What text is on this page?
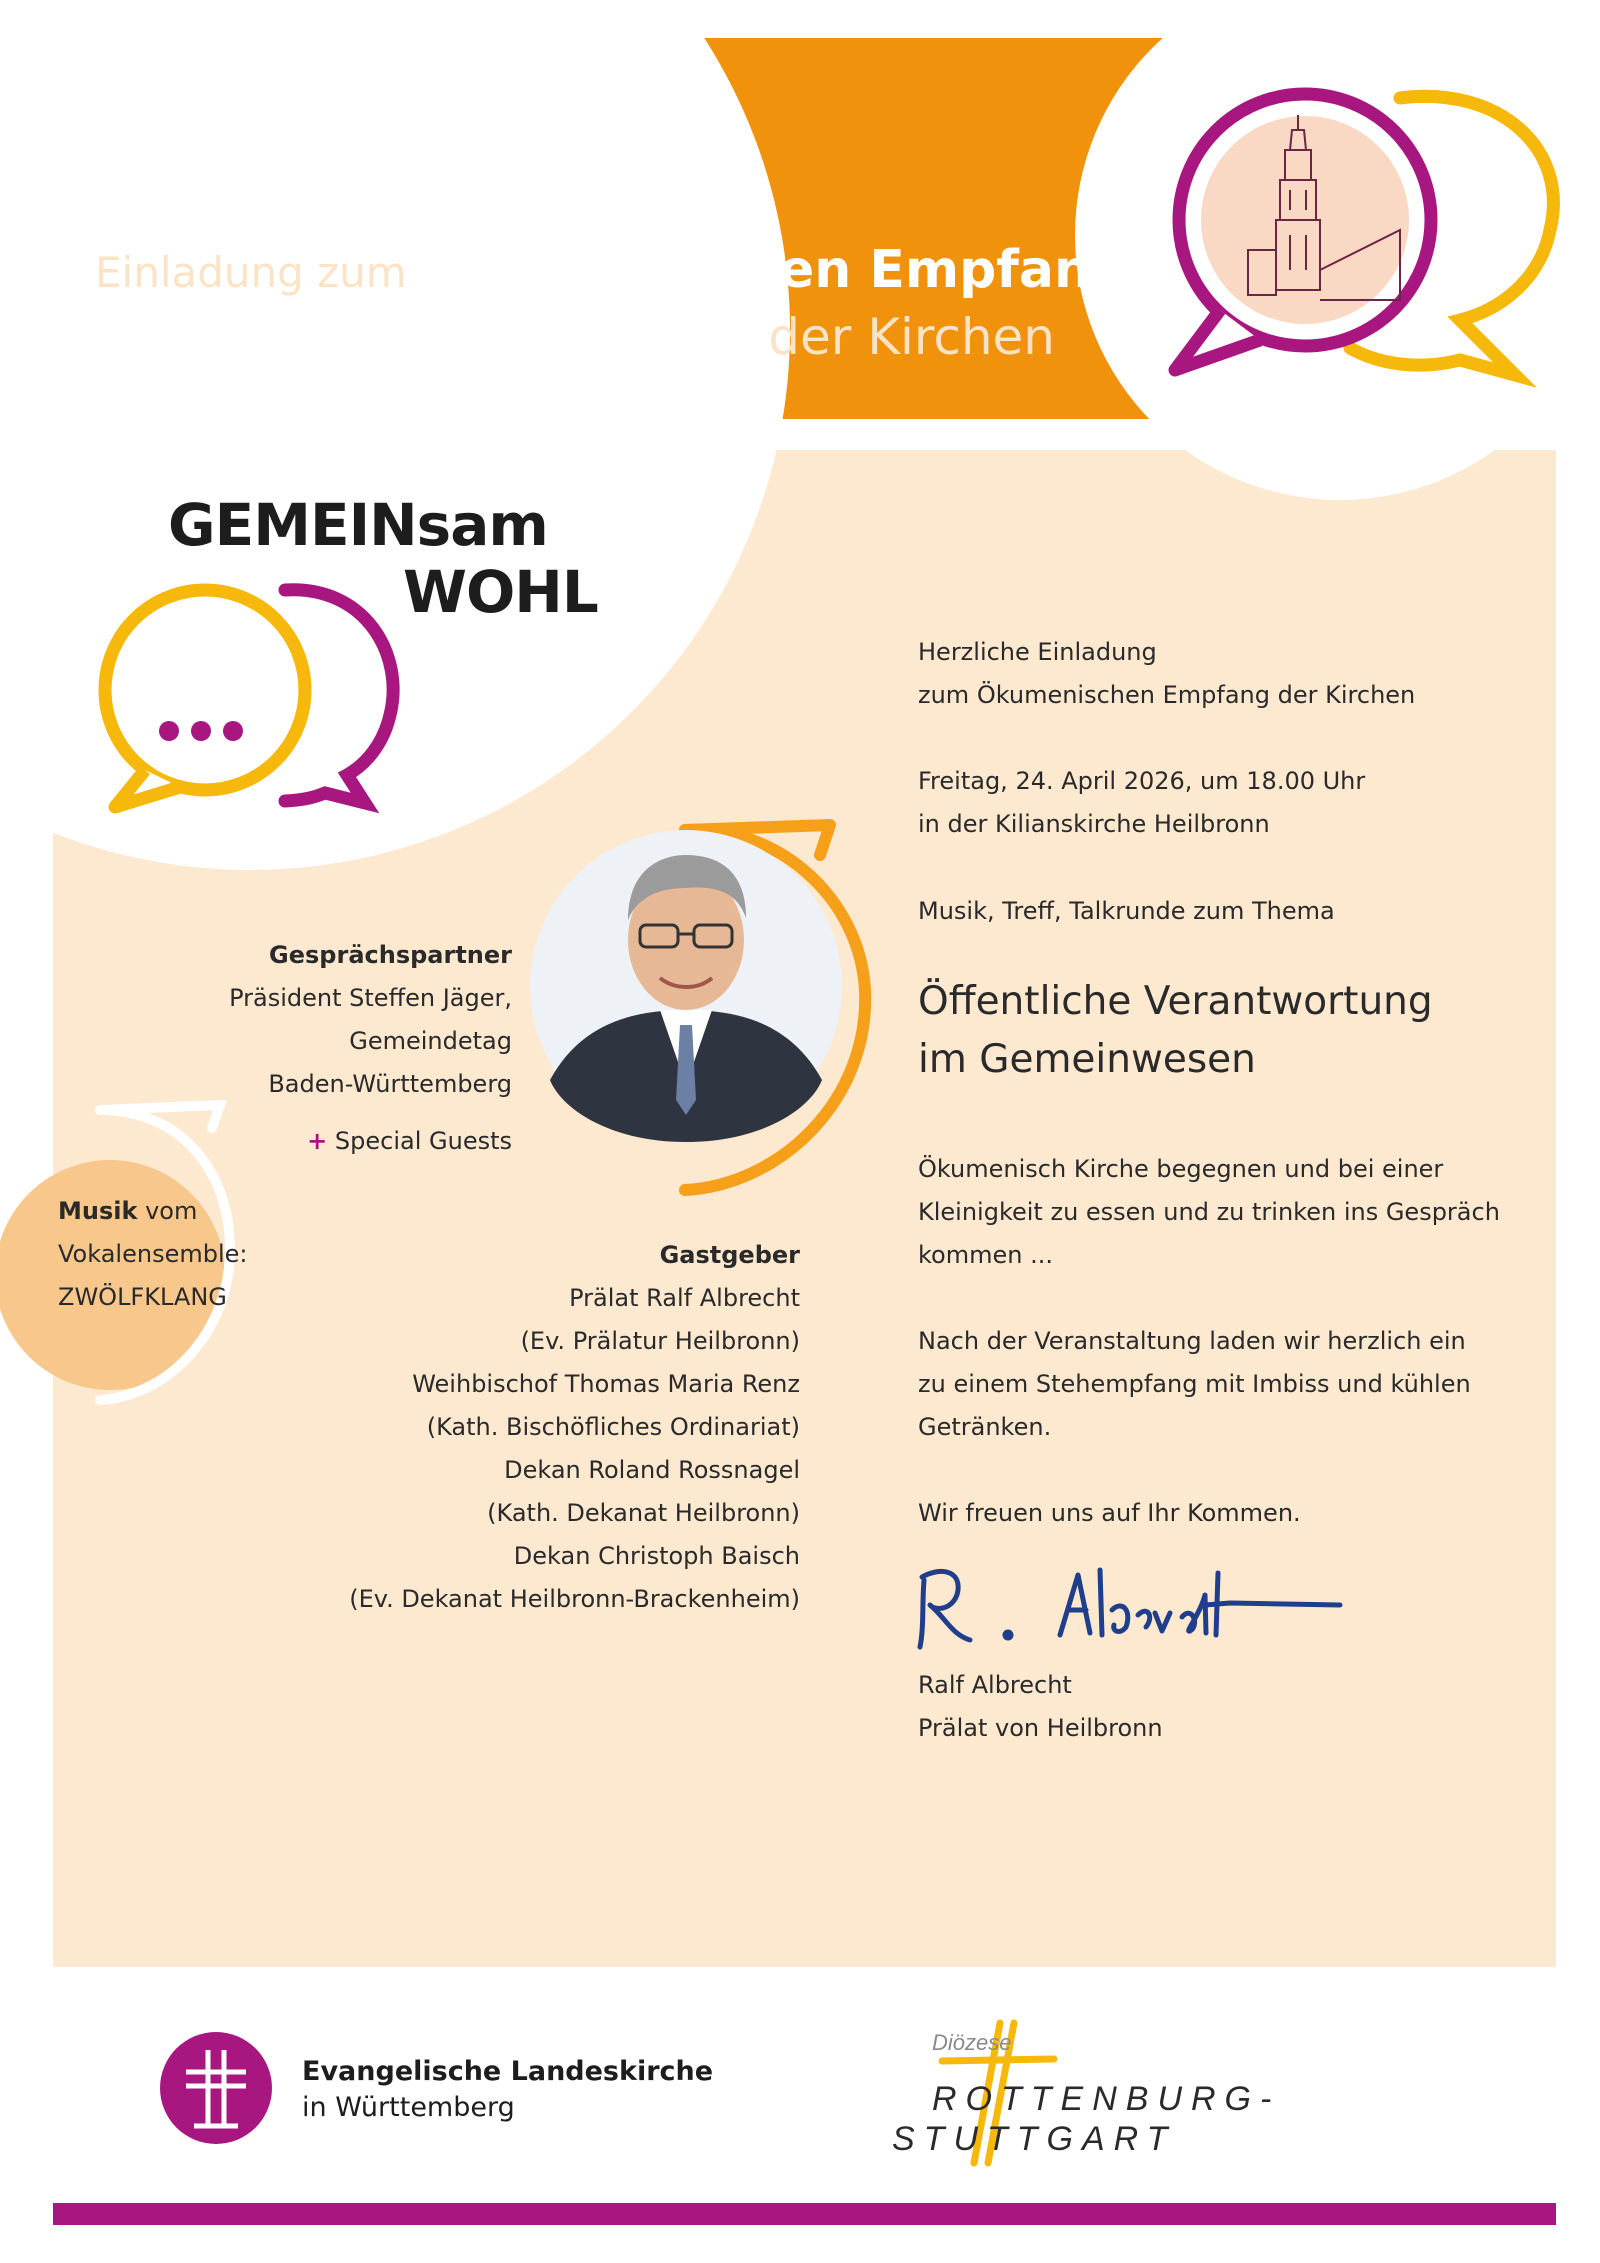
Einladung zum Ökumenischen Empfang
der Kirchen
GEMEINsam
WOHL
Gesprächspartner
Präsident Steffen Jäger,
Gemeindetag
Baden-Württemberg
+ Special Guests
Musik vom
Vokalensemble:
ZWÖLFKLANG
Gastgeber
Prälat Ralf Albrecht
(Ev. Prälatur Heilbronn)
Weihbischof Thomas Maria Renz
(Kath. Bischöfliches Ordinariat)
Dekan Roland Rossnagel
(Kath. Dekanat Heilbronn)
Dekan Christoph Baisch
(Ev. Dekanat Heilbronn-Brackenheim)
Herzliche Einladung
zum Ökumenischen Empfang der Kirchen
Freitag, 24. April 2026, um 18.00 Uhr
in der Kilianskirche Heilbronn
Musik, Treff, Talkrunde zum Thema
Öffentliche Verantwortung
im Gemeinwesen
Ökumenisch Kirche begegnen und bei einer
Kleinigkeit zu essen und zu trinken ins Gespräch
kommen ...
Nach der Veranstaltung laden wir herzlich ein
zu einem Stehempfang mit Imbiss und kühlen
Getränken.
Wir freuen uns auf Ihr Kommen.
Ralf Albrecht
Prälat von Heilbronn
Evangelische Landeskirche
in Württemberg
Diözese
ROTTENBURG-
STUTTGART
